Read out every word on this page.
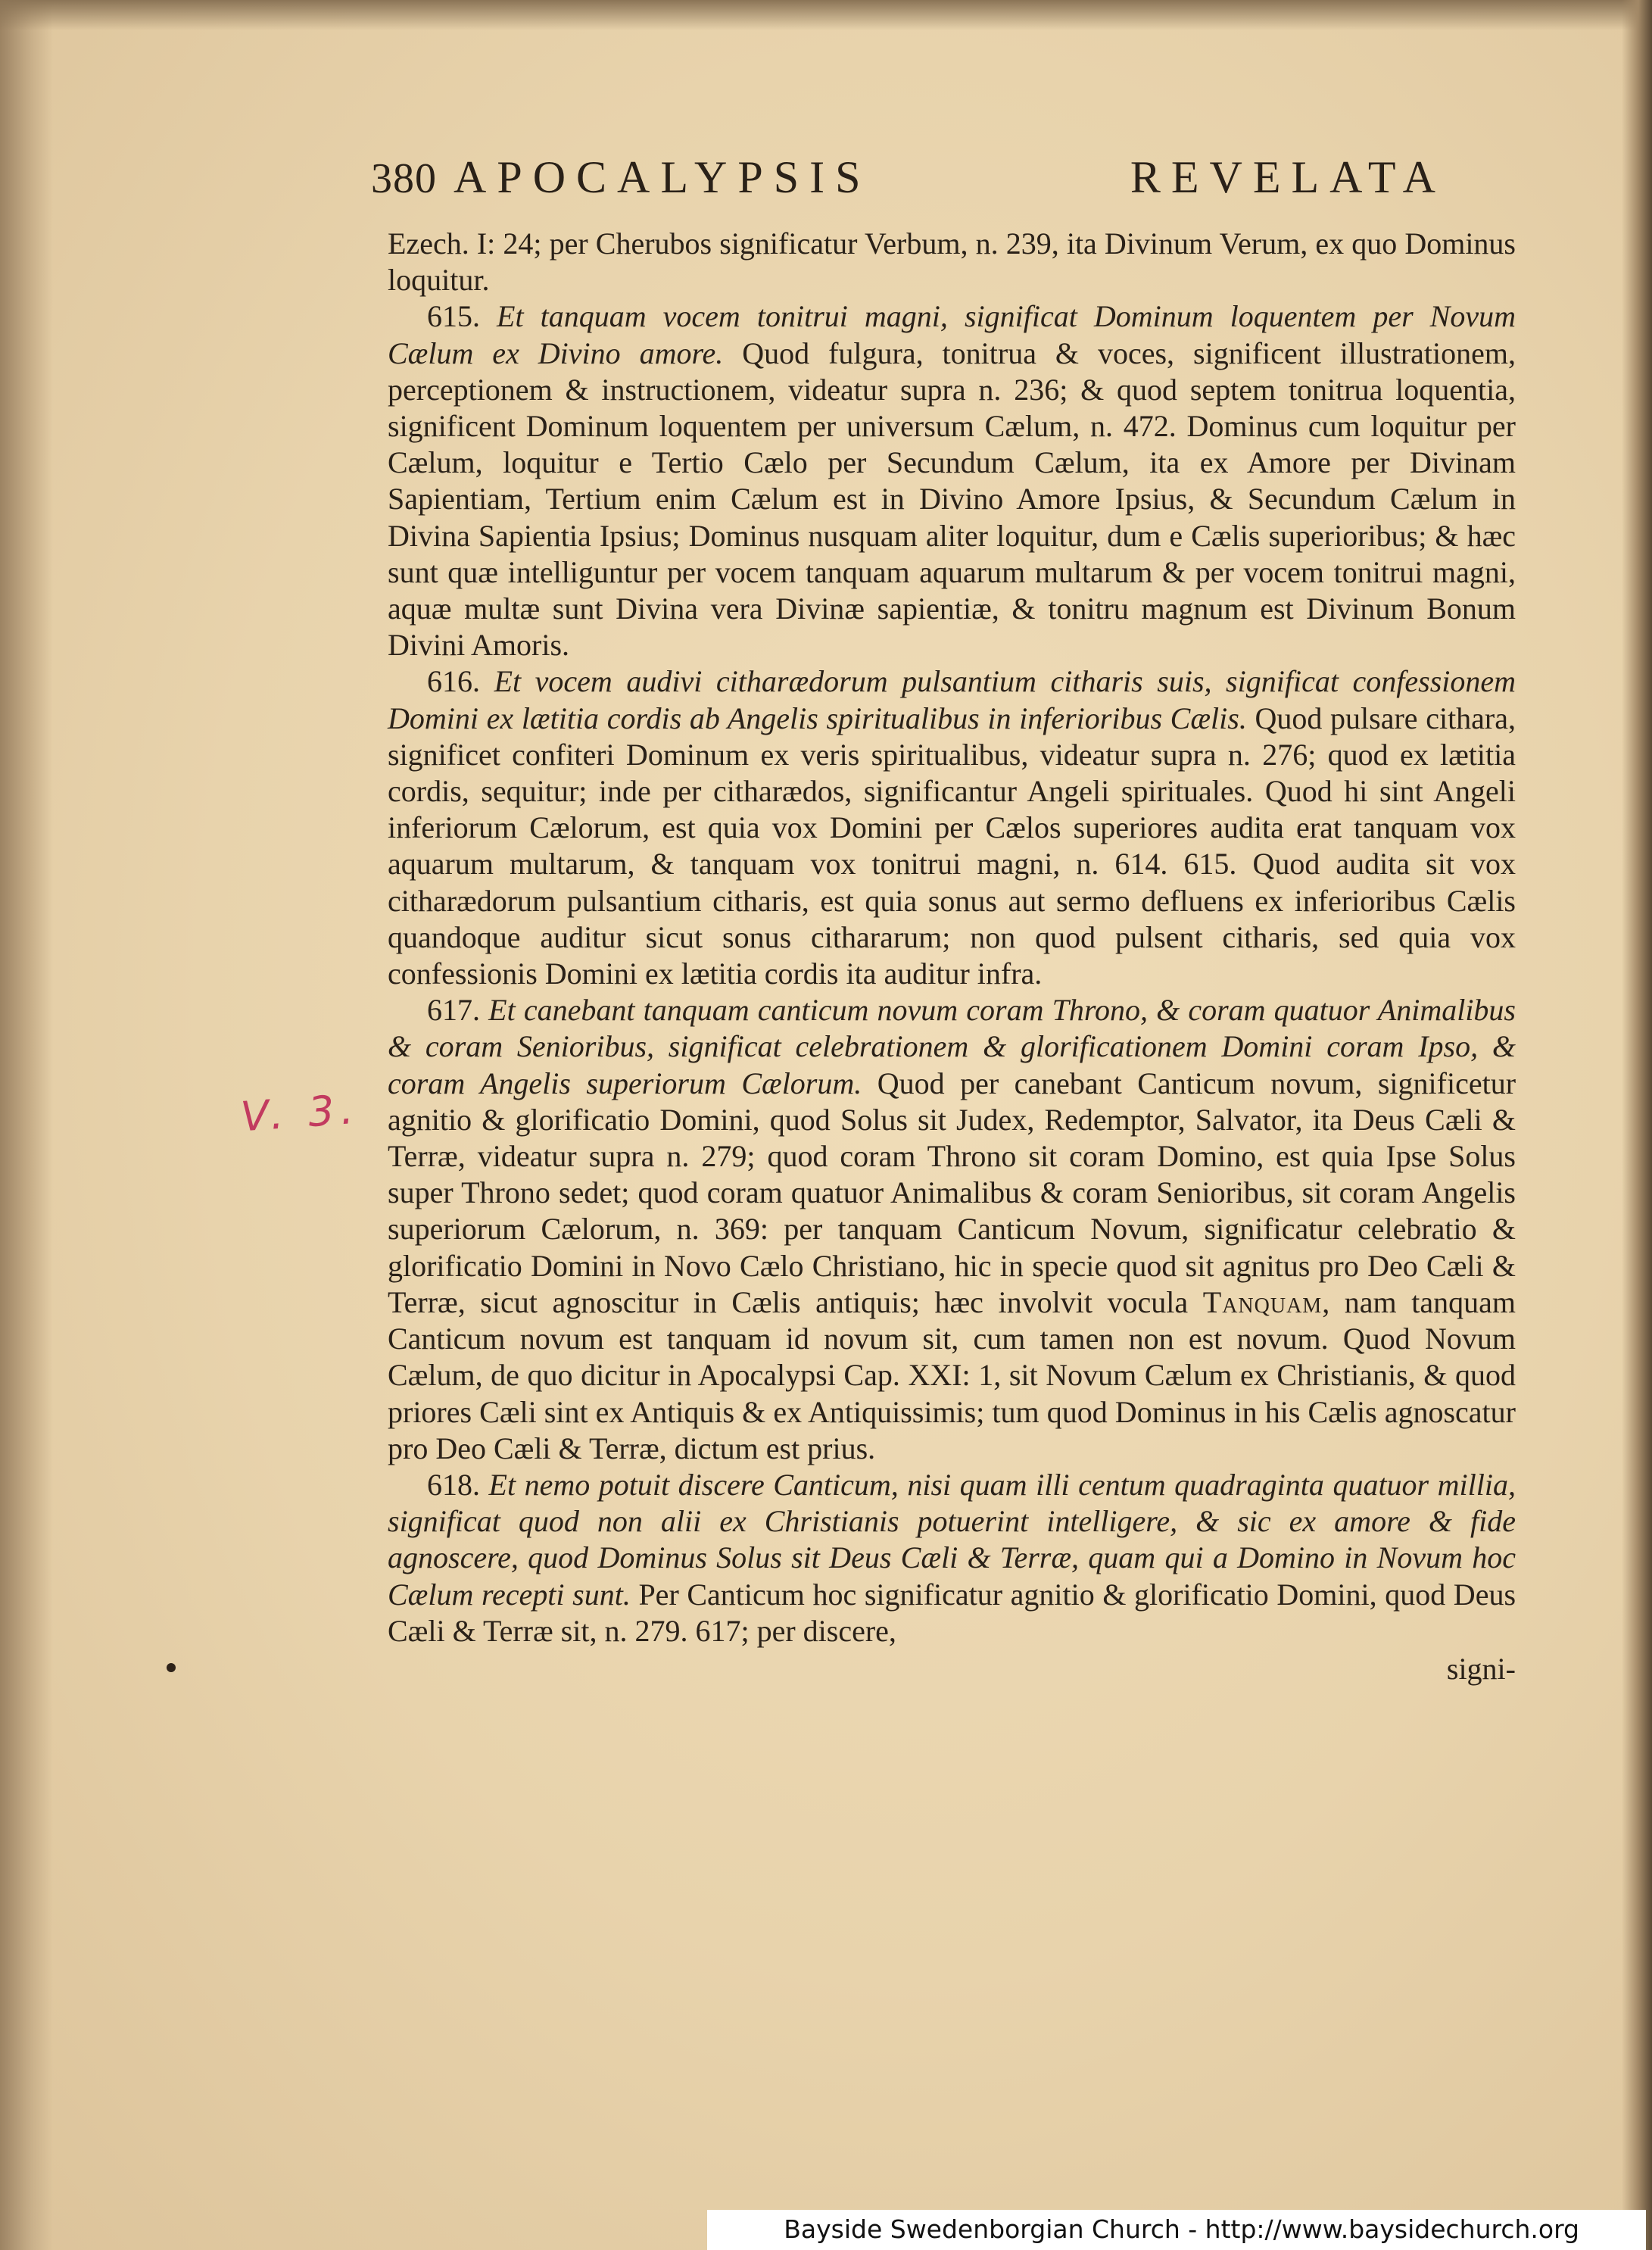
380 APOCALYPSIS REVELATA
V. 3.

Ezech. I: 24; per Cherubos significatur Verbum, n. 239, ita Divinum Verum, ex quo Dominus loquitur.

615. Et tanquam vocem tonitrui magni, significat Dominum loquentem per Novum Cælum ex Divino amore. Quod fulgura, tonitrua & voces, significent illustrationem, perceptionem & instructionem, videatur supra n. 236; & quod septem tonitrua loquentia, significent Dominum loquentem per universum Cælum, n. 472. Dominus cum loquitur per Cælum, loquitur e Tertio Cælo per Secundum Cælum, ita ex Amore per Divinam Sapientiam, Tertium enim Cælum est in Divino Amore Ipsius, & Secundum Cælum in Divina Sapientia Ipsius; Dominus nusquam aliter loquitur, dum e Cælis superioribus; & hæc sunt quæ intelliguntur per vocem tanquam aquarum multarum & per vocem tonitrui magni, aquæ multæ sunt Divina vera Divinæ sapientiæ, & tonitru magnum est Divinum Bonum Divini Amoris.

616. Et vocem audivi citharædorum pulsantium citharis suis, significat confessionem Domini ex lætitia cordis ab Angelis spiritualibus in inferioribus Cælis. Quod pulsare cithara, significet confiteri Dominum ex veris spiritualibus, videatur supra n. 276; quod ex lætitia cordis, sequitur; inde per citharædos, significantur Angeli spirituales. Quod hi sint Angeli inferiorum Cælorum, est quia vox Domini per Cælos superiores audita erat tanquam vox aquarum multarum, & tanquam vox tonitrui magni, n. 614. 615. Quod audita sit vox citharædorum pulsantium citharis, est quia sonus aut sermo defluens ex inferioribus Cælis quandoque auditur sicut sonus cithararum; non quod pulsent citharis, sed quia vox confessionis Domini ex lætitia cordis ita auditur infra.

617. Et canebant tanquam canticum novum coram Throno, & coram quatuor Animalibus & coram Senioribus, significat celebrationem & glorificationem Domini coram Ipso, & coram Angelis superiorum Cælorum. Quod per canebant Canticum novum, significetur agnitio & glorificatio Domini, quod Solus sit Judex, Redemptor, Salvator, ita Deus Cæli & Terræ, videatur supra n. 279; quod coram Throno sit coram Domino, est quia Ipse Solus super Throno sedet; quod coram quatuor Animalibus & coram Senioribus, sit coram Angelis superiorum Cælorum, n. 369: per tanquam Canticum Novum, significatur celebratio & glorificatio Domini in Novo Cælo Christiano, hic in specie quod sit agnitus pro Deo Cæli & Terræ, sicut agnoscitur in Cælis antiquis; hæc involvit vocula Tanquam, nam tanquam Canticum novum est tanquam id novum sit, cum tamen non est novum. Quod Novum Cælum, de quo dicitur in Apocalypsi Cap. XXI: 1, sit Novum Cælum ex Christianis, & quod priores Cæli sint ex Antiquis & ex Antiquissimis; tum quod Dominus in his Cælis agnoscatur pro Deo Cæli & Terræ, dictum est prius.

618. Et nemo potuit discere Canticum, nisi quam illi centum quadraginta quatuor millia, significat quod non alii ex Christianis potuerint intelligere, & sic ex amore & fide agnoscere, quod Dominus Solus sit Deus Cæli & Terræ, quam qui a Domino in Novum hoc Cælum recepti sunt. Per Canticum hoc significatur agnitio & glorificatio Domini, quod Deus Cæli & Terræ sit, n. 279. 617; per discere,

signi-

Bayside Swedenborgian Church - http://www.baysidechurch.org
